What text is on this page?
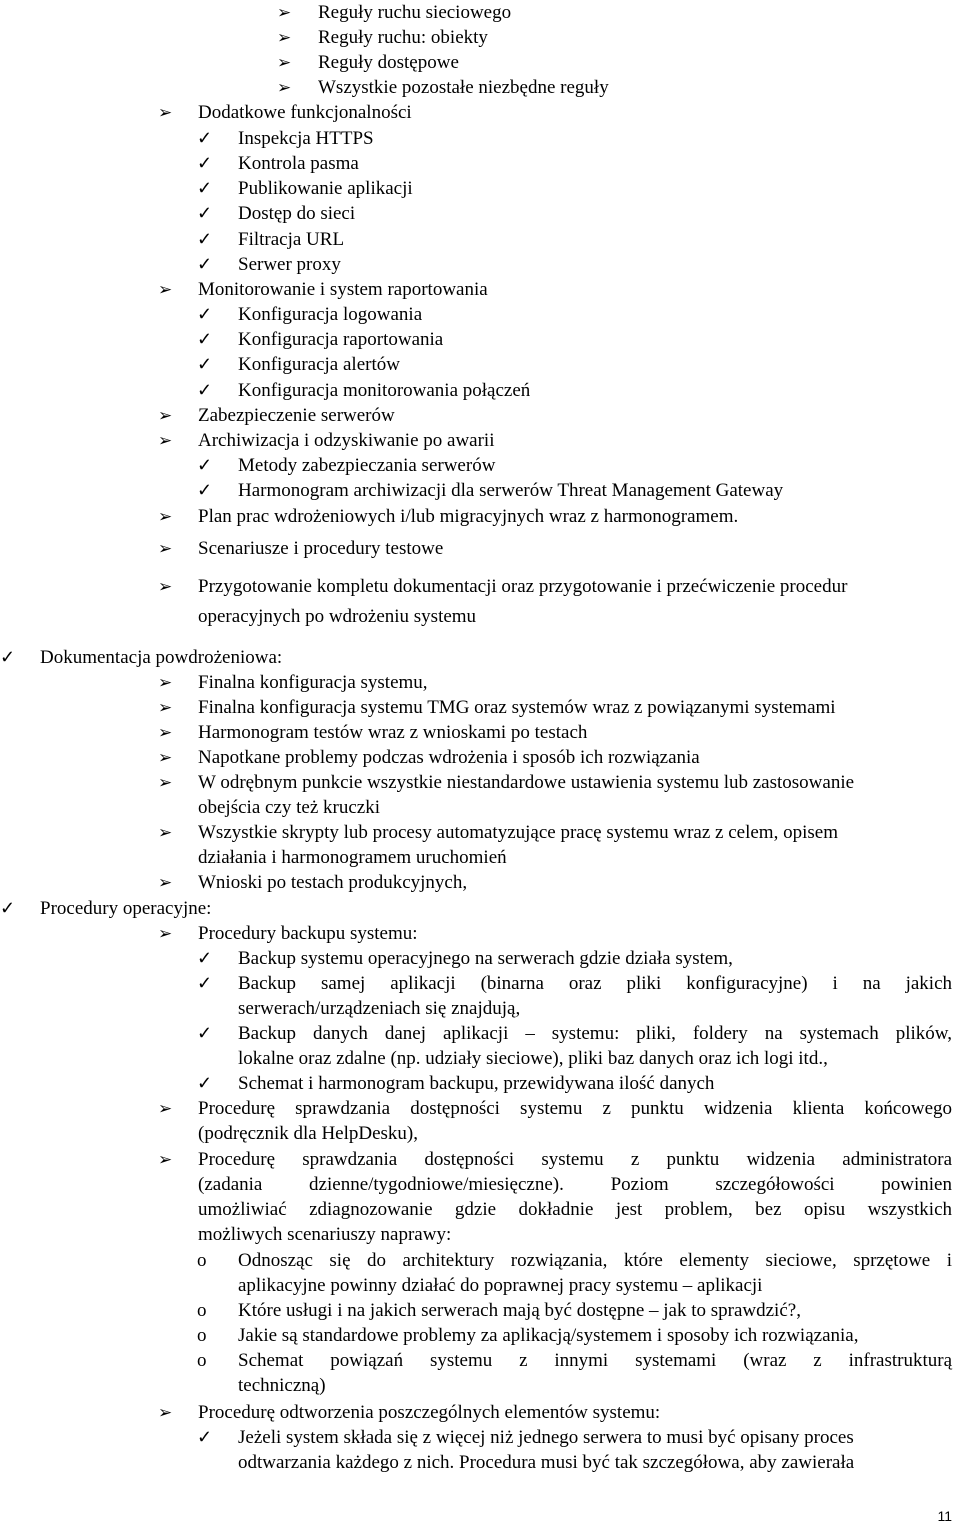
➢	Reguły ruchu sieciowego
➢	Reguły ruchu: obiekty
➢	Reguły dostępowe
➢	Wszystkie pozostałe niezbędne reguły
➢	Dodatkowe funkcjonalności
✓	Inspekcja HTTPS
✓	Kontrola pasma
✓	Publikowanie aplikacji
✓	Dostęp do sieci
✓	Filtracja URL
✓	Serwer proxy
➢	Monitorowanie i system raportowania
✓	Konfiguracja logowania
✓	Konfiguracja raportowania
✓	Konfiguracja alertów
✓	Konfiguracja monitorowania połączeń
➢	Zabezpieczenie serwerów
➢	Archiwizacja i odzyskiwanie po awarii
✓	Metody zabezpieczania serwerów
✓	Harmonogram archiwizacji dla serwerów Threat Management Gateway
➢	Plan prac wdrożeniowych i/lub migracyjnych wraz z harmonogramem.
➢	Scenariusze i procedury testowe
➢	Przygotowanie kompletu dokumentacji oraz przygotowanie i przećwiczenie procedur
operacyjnych po wdrożeniu systemu
✓	Dokumentacja powdrożeniowa:
➢	Finalna konfiguracja systemu,
➢	Finalna konfiguracja systemu TMG oraz systemów wraz z powiązanymi systemami
➢	Harmonogram testów wraz z wnioskami po testach
➢	Napotkane problemy podczas wdrożenia i sposób ich rozwiązania
➢	W odrębnym punkcie wszystkie niestandardowe ustawienia systemu lub zastosowanie
obejścia czy też kruczki
➢	Wszystkie skrypty lub procesy automatyzujące pracę systemu wraz z celem, opisem
działania i harmonogramem uruchomień
➢	Wnioski po testach produkcyjnych,
✓	Procedury operacyjne:
➢	Procedury backupu systemu:
✓	Backup systemu operacyjnego na serwerach gdzie działa system,
✓	Backup samej aplikacji (binarna oraz pliki konfiguracyjne) i na jakich
serwerach/urządzeniach się znajdują,
✓	Backup danych danej aplikacji – systemu: pliki, foldery na systemach plików,
lokalne oraz zdalne (np. udziały sieciowe), pliki baz danych oraz ich logi itd.,
✓	Schemat i harmonogram backupu, przewidywana ilość danych
➢	Procedurę sprawdzania dostępności systemu z punktu widzenia klienta końcowego
(podręcznik dla HelpDesku),
➢	Procedurę sprawdzania dostępności systemu z punktu widzenia administratora
(zadania dzienne/tygodniowe/miesięczne). Poziom szczegółowości powinien
umożliwiać zdiagnozowanie gdzie dokładnie jest problem, bez opisu wszystkich
możliwych scenariuszy naprawy:
o	Odnosząc się do architektury rozwiązania, które elementy sieciowe, sprzętowe i
aplikacyjne powinny działać do poprawnej pracy systemu – aplikacji
o	Które usługi i na jakich serwerach mają być dostępne – jak to sprawdzić?,
o	Jakie są standardowe problemy za aplikacją/systemem i sposoby ich rozwiązania,
o	Schemat powiązań systemu z innymi systemami (wraz z infrastrukturą
techniczną)
➢	Procedurę odtworzenia poszczególnych elementów systemu:
✓	Jeżeli system składa się z więcej niż jednego serwera to musi być opisany proces
odtwarzania każdego z nich. Procedura musi być tak szczegółowa, aby zawierała
11
